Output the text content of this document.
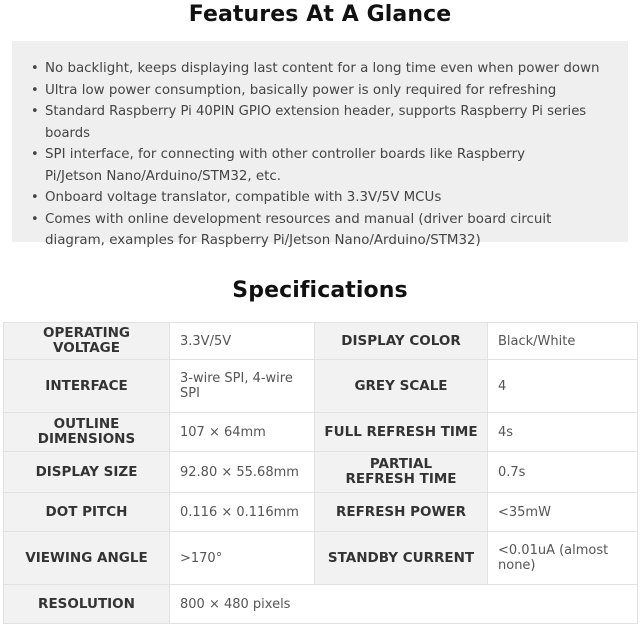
Features At A Glance
• No backlight, keeps displaying last content for a long time even when power down
• Ultra low power consumption, basically power is only required for refreshing
• Standard Raspberry Pi 40PIN GPIO extension header, supports Raspberry Pi series boards
• SPI interface, for connecting with other controller boards like Raspberry Pi/Jetson Nano/Arduino/STM32, etc.
• Onboard voltage translator, compatible with 3.3V/5V MCUs
• Comes with online development resources and manual (driver board circuit diagram, examples for Raspberry Pi/Jetson Nano/Arduino/STM32)
Specifications
OPERATING VOLTAGE	3.3V/5V	DISPLAY COLOR	Black/White
INTERFACE	3-wire SPI, 4-wire SPI	GREY SCALE	4
OUTLINE DIMENSIONS	107 × 64mm	FULL REFRESH TIME	4s
DISPLAY SIZE	92.80 × 55.68mm	PARTIAL REFRESH TIME	0.7s
DOT PITCH	0.116 × 0.116mm	REFRESH POWER	<35mW
VIEWING ANGLE	>170°	STANDBY CURRENT	<0.01uA (almost none)
RESOLUTION	800 × 480 pixels		
